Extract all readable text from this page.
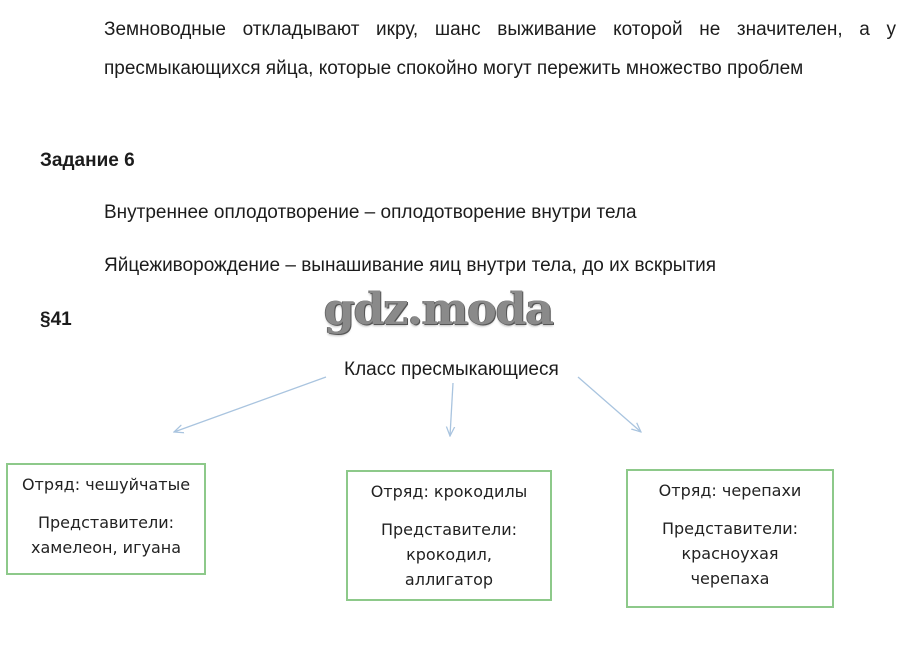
Земноводные откладывают икру, шанс выживание которой не значителен, а у пресмыкающихся яйца, которые спокойно могут пережить множество проблем
Задание 6
Внутреннее оплодотворение – оплодотворение внутри тела
Яйцеживорождение – вынашивание яиц внутри тела, до их вскрытия
§41	gdz.moda
Класс пресмыкающиеся
Отряд: чешуйчатые
Представители:
хамелеон, игуана
Отряд: крокодилы
Представители:
крокодил,
аллигатор
Отряд: черепахи
Представители:
красноухая
черепаха
